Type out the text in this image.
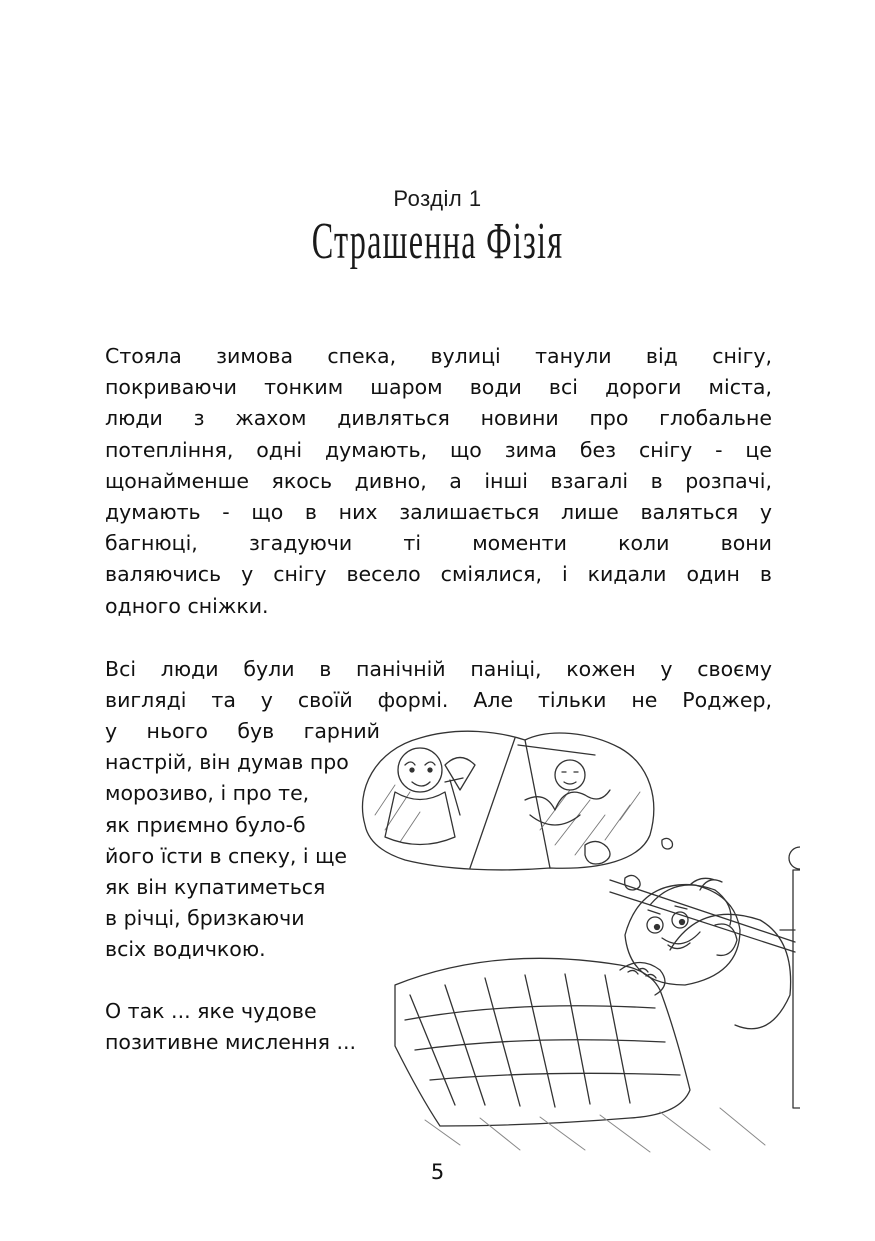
Розділ 1
Страшенна Фізія
Стояла зимова спека, вулиці танули від снігу,
покриваючи тонким шаром води всі дороги міста,
люди з жахом дивляться новини про глобальне
потепління, одні думають, що зима без снігу - це
щонайменше якось дивно, а інші взагалі в розпачі,
думають - що в них залишається лише валяться у
багнюці, згадуючи ті моменти коли вони
валяючись у снігу весело сміялися, і кидали один в
одного сніжки.
Всі люди були в панічній паніці, кожен у своєму
вигляді та у своїй формі. Але тільки не Роджер,
у нього був гарний
настрій, він думав про
морозиво, і про те,
як приємно було-б
його їсти в спеку, і ще
як він купатиметься
в річці, бризкаючи
всіх водичкою.
О так ... яке чудове
позитивне мислення ...
5
